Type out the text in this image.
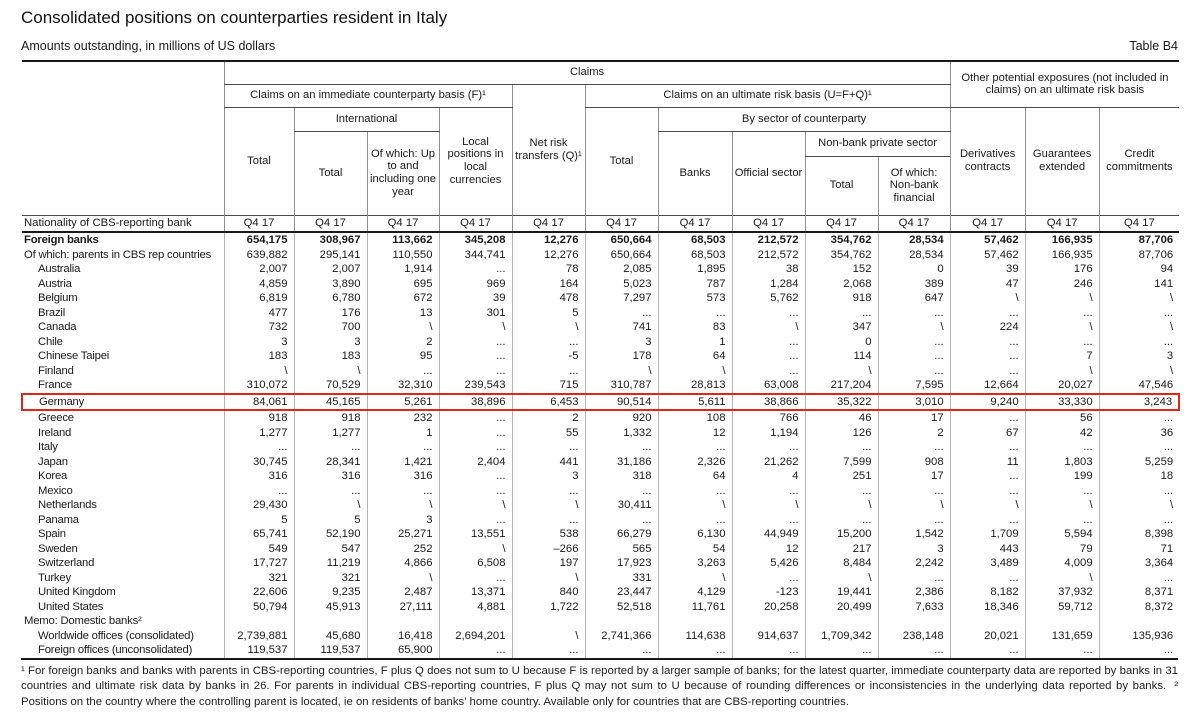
Consolidated positions on counterparties resident in Italy
Amounts outstanding, in millions of US dollars	Table B4
	Claims										Other potential exposures (not included in claims) on an ultimate risk basis		
	Claims on an immediate counterparty basis (F)¹				Net risk transfers (Q)¹	Claims on an ultimate risk basis (U=F+Q)¹							
	Total	International		Local positions in local currencies		Total	By sector of counterparty				Derivatives contracts	Guarantees extended	Credit commitments
		Total	Of which: Up to and including one year				Banks	Official sector	Non-bank private sector				
									Total	Of which: Non-bank financial			
Nationality of CBS-reporting bank	Q4 17	Q4 17	Q4 17	Q4 17	Q4 17	Q4 17	Q4 17	Q4 17	Q4 17	Q4 17	Q4 17	Q4 17	Q4 17
Foreign banks	654,175	308,967	113,662	345,208	12,276	650,664	68,503	212,572	354,762	28,534	57,462	166,935	87,706
Of which: parents in CBS rep countries	639,882	295,141	110,550	344,741	12,276	650,664	68,503	212,572	354,762	28,534	57,462	166,935	87,706
Australia	2,007	2,007	1,914	...	78	2,085	1,895	38	152	0	39	176	94
Austria	4,859	3,890	695	969	164	5,023	787	1,284	2,068	389	47	246	141
Belgium	6,819	6,780	672	39	478	7,297	573	5,762	918	647	\	\	\
Brazil	477	176	13	301	5	...	...	...	...	...	...	...	...
Canada	732	700	\	\	\	741	83	\	347	\	224	\	\
Chile	3	3	2	...	...	3	1	...	0	...	...	...	...
Chinese Taipei	183	183	95	...	-5	178	64	...	114	...	...	7	3
Finland	\	\	...	...	...	\	\	...	\	...	...	\	\
France	310,072	70,529	32,310	239,543	715	310,787	28,813	63,008	217,204	7,595	12,664	20,027	47,546
Germany	84,061	45,165	5,261	38,896	6,453	90,514	5,611	38,866	35,322	3,010	9,240	33,330	3,243
Greece	918	918	232	...	2	920	108	766	46	17	...	56	...
Ireland	1,277	1,277	1	...	55	1,332	12	1,194	126	2	67	42	36
Italy	...	...	...	...	...	...	...	...	...	...	...	...	...
Japan	30,745	28,341	1,421	2,404	441	31,186	2,326	21,262	7,599	908	11	1,803	5,259
Korea	316	316	316	...	3	318	64	4	251	17	...	199	18
Mexico	...	...	...	...	...	...	...	...	...	...	...	...	...
Netherlands	29,430	\	\	\	\	30,411	\	\	\	\	\	\	\
Panama	5	5	3	...	...	...	...	...	...	...	...	...	...
Spain	65,741	52,190	25,271	13,551	538	66,279	6,130	44,949	15,200	1,542	1,709	5,594	8,398
Sweden	549	547	252	\	–266	565	54	12	217	3	443	79	71
Switzerland	17,727	11,219	4,866	6,508	197	17,923	3,263	5,426	8,484	2,242	3,489	4,009	3,364
Turkey	321	321	\	...	\	331	\	...	\	...	...	\	...
United Kingdom	22,606	9,235	2,487	13,371	840	23,447	4,129	-123	19,441	2,386	8,182	37,932	8,371
United States	50,794	45,913	27,111	4,881	1,722	52,518	11,761	20,258	20,499	7,633	18,346	59,712	8,372
Memo: Domestic banks²													
Worldwide offices (consolidated)	2,739,881	45,680	16,418	2,694,201	\	2,741,366	114,638	914,637	1,709,342	238,148	20,021	131,659	135,936
Foreign offices (unconsolidated)	119,537	119,537	65,900	...	...	...	...	...	...	...	...	...	...

¹ For foreign banks and banks with parents in CBS-reporting countries, F plus Q does not sum to U because F is reported by a larger sample of banks; for the latest quarter, immediate counterparty data are reported by banks in 31 countries and ultimate risk data by banks in 26. For parents in individual CBS-reporting countries, F plus Q may not sum to U because of rounding differences or inconsistencies in the underlying data reported by banks. ² Positions on the country where the controlling parent is located, ie on residents of banks’ home country. Available only for countries that are CBS-reporting countries.
